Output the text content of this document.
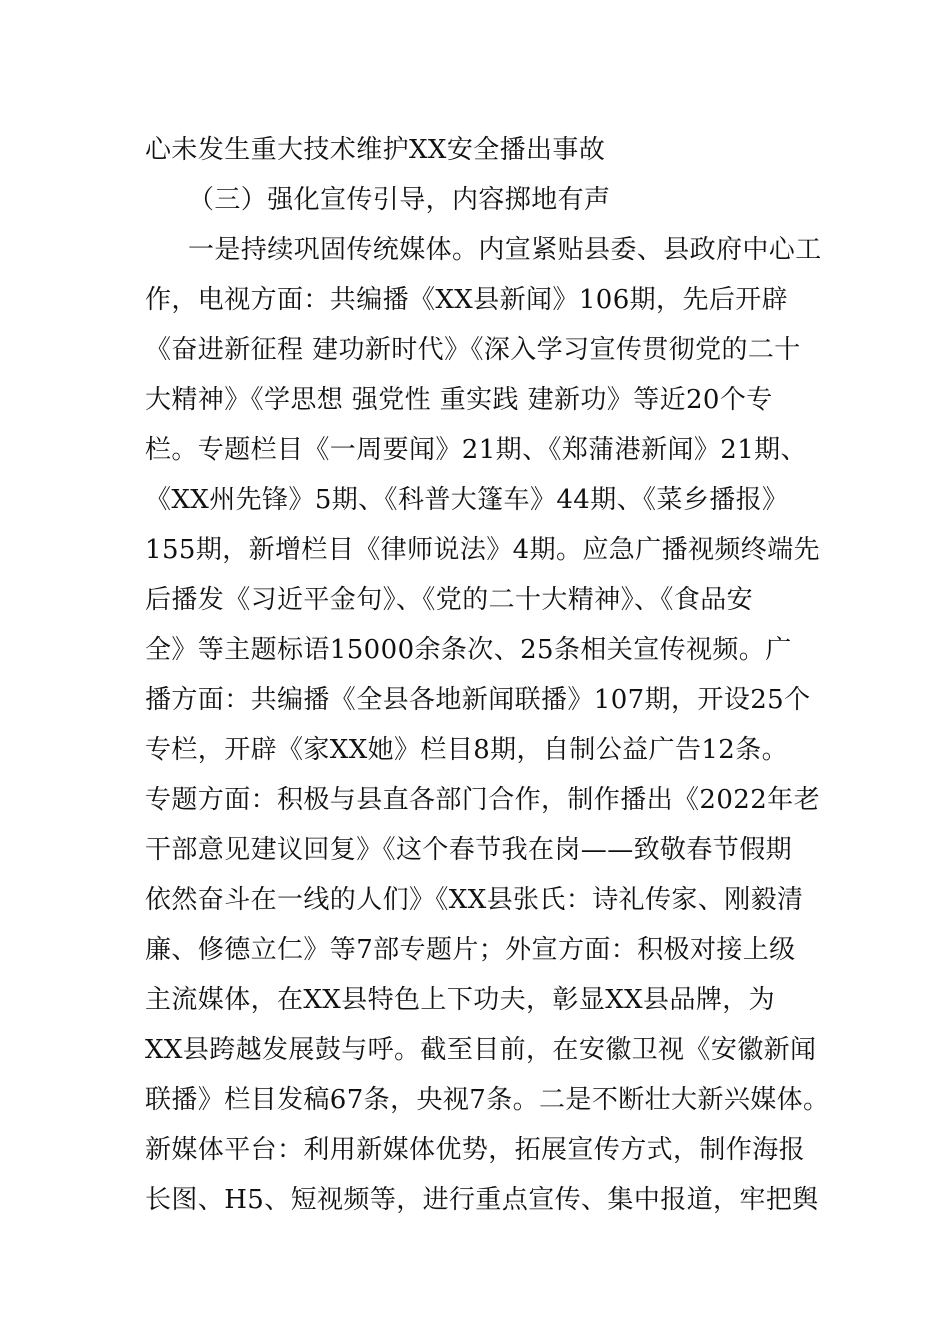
心未发生重大技术维护XX安全播出事故
（三）强化宣传引导，内容掷地有声
一是持续巩固传统媒体。内宣紧贴县委、县政府中心工
作，电视方面：共编播《XX县新闻》106期，先后开辟
《奋进新征程 建功新时代》《深入学习宣传贯彻党的二十
大精神》《学思想 强党性 重实践 建新功》等近20个专
栏。专题栏目《一周要闻》21期、《郑蒲港新闻》21期、
《XX州先锋》5期、《科普大篷车》44期、《菜乡播报》
155期，新增栏目《律师说法》4期。应急广播视频终端先
后播发《习近平金句》、《党的二十大精神》、《食品安
全》等主题标语15000余条次、25条相关宣传视频。广
播方面：共编播《全县各地新闻联播》107期，开设25个
专栏，开辟《家XX她》栏目8期，自制公益广告12条。
专题方面：积极与县直各部门合作，制作播出《2022年老
干部意见建议回复》《这个春节我在岗——致敬春节假期
依然奋斗在一线的人们》《XX县张氏：诗礼传家、刚毅清
廉、修德立仁》等7部专题片；外宣方面：积极对接上级
主流媒体，在XX县特色上下功夫，彰显XX县品牌，为
XX县跨越发展鼓与呼。截至目前，在安徽卫视《安徽新闻
联播》栏目发稿67条，央视7条。二是不断壮大新兴媒体。
新媒体平台：利用新媒体优势，拓展宣传方式，制作海报
长图、H5、短视频等，进行重点宣传、集中报道，牢把舆
